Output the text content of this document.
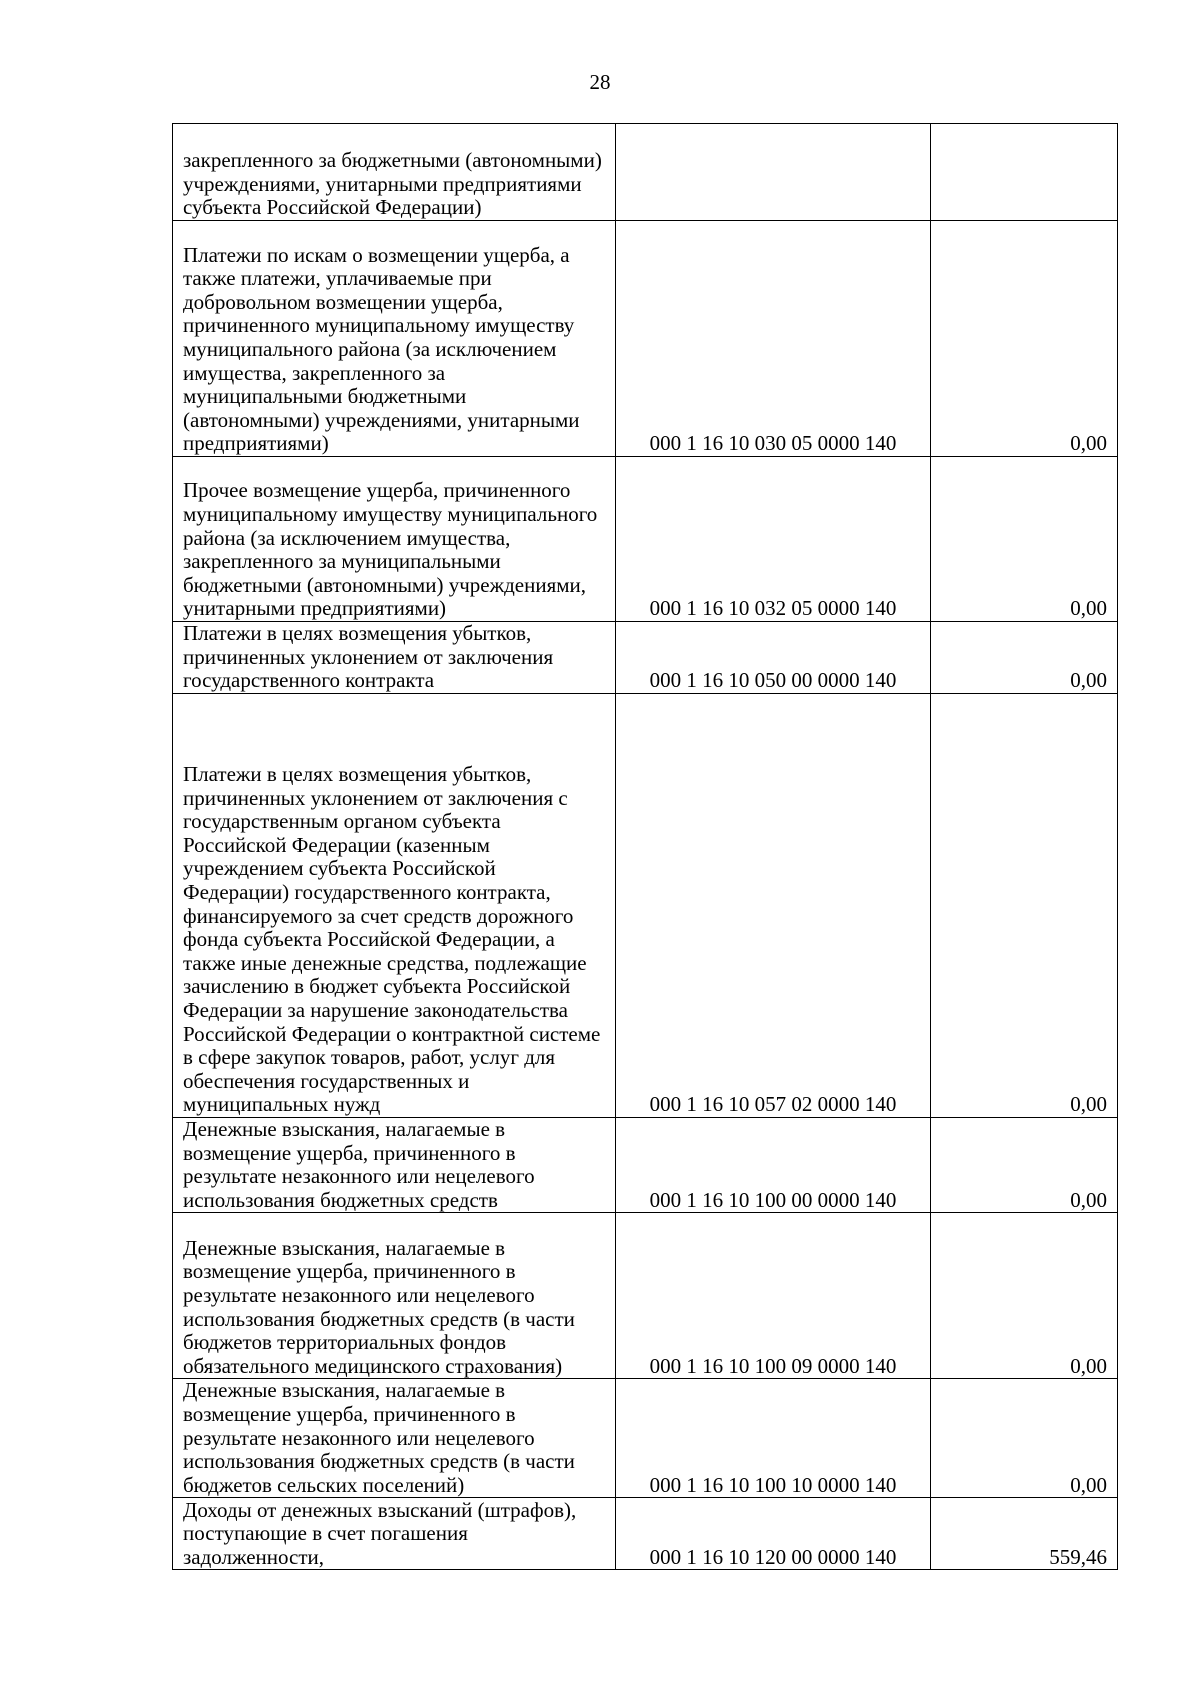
28
закрепленного за бюджетными (автономными) учреждениями, унитарными предприятиями субъекта Российской Федерации)		

Платежи по искам о возмещении ущерба, а также платежи, уплачиваемые при добровольном возмещении ущерба, причиненного муниципальному имуществу муниципального района (за исключением имущества, закрепленного за муниципальными бюджетными (автономными) учреждениями, унитарными предприятиями)	000 1 16 10 030 05 0000 140	0,00

Прочее возмещение ущерба, причиненного муниципальному имуществу муниципального района (за исключением имущества, закрепленного за муниципальными бюджетными (автономными) учреждениями, унитарными предприятиями)	000 1 16 10 032 05 0000 140	0,00

Платежи в целях возмещения убытков, причиненных уклонением от заключения государственного контракта	000 1 16 10 050 00 0000 140	0,00

Платежи в целях возмещения убытков, причиненных уклонением от заключения с государственным органом субъекта Российской Федерации (казенным учреждением субъекта Российской Федерации) государственного контракта, финансируемого за счет средств дорожного фонда субъекта Российской Федерации, а также иные денежные средства, подлежащие зачислению в бюджет субъекта Российской Федерации за нарушение законодательства Российской Федерации о контрактной системе в сфере закупок товаров, работ, услуг для обеспечения государственных и муниципальных нужд	000 1 16 10 057 02 0000 140	0,00

Денежные взыскания, налагаемые в возмещение ущерба, причиненного в результате незаконного или нецелевого использования бюджетных средств	000 1 16 10 100 00 0000 140	0,00

Денежные взыскания, налагаемые в возмещение ущерба, причиненного в результате незаконного или нецелевого использования бюджетных средств (в части бюджетов территориальных фондов обязательного медицинского страхования)	000 1 16 10 100 09 0000 140	0,00

Денежные взыскания, налагаемые в возмещение ущерба, причиненного в результате незаконного или нецелевого использования бюджетных средств (в части бюджетов сельских поселений)	000 1 16 10 100 10 0000 140	0,00

Доходы от денежных взысканий (штрафов), поступающие в счет погашения задолженности,	000 1 16 10 120 00 0000 140	559,46
